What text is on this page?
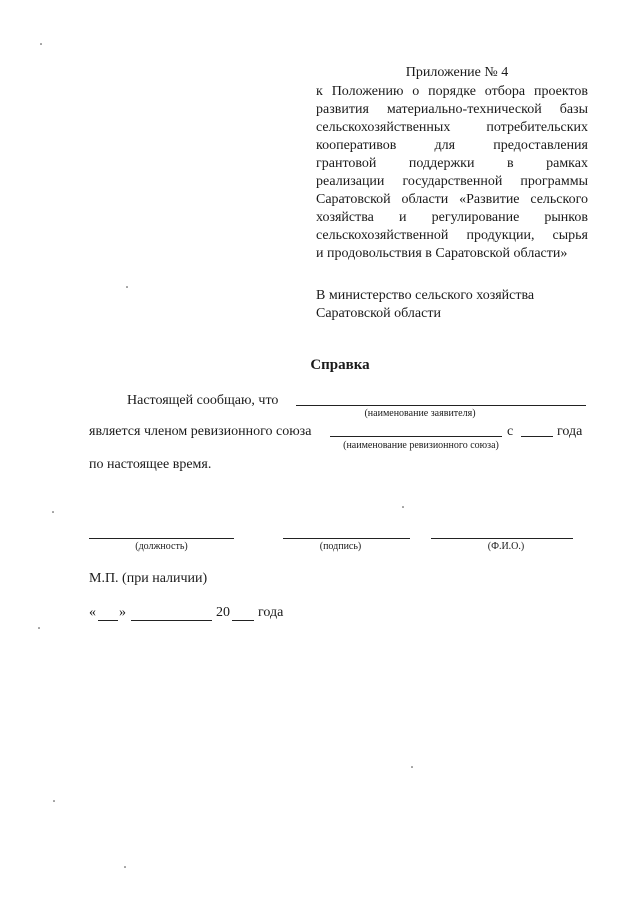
Приложение № 4
к Положению о порядке отбора проектов
развития материально-технической базы
сельскохозяйственных потребительских
кооперативов для предоставления
грантовой поддержки в рамках
реализации государственной программы
Саратовской области «Развитие сельского
хозяйства и регулирование рынков
сельскохозяйственной продукции, сырья
и продовольствия в Саратовской области»
В министерство сельского хозяйства
Саратовской области
Справка
Настоящей сообщаю, что
(наименование заявителя)
является членом ревизионного союза	с	года
(наименование ревизионного союза)
по настоящее время.
(должность)	(подпись)	(Ф.И.О.)
М.П. (при наличии)
« »	20 года
